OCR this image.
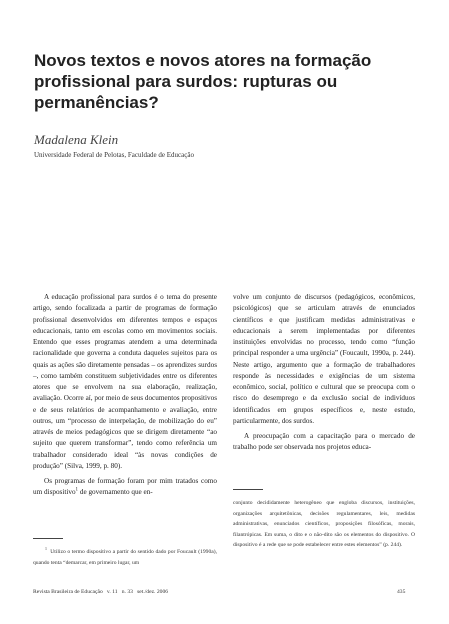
Novos textos e novos atores na formação profissional para surdos: rupturas ou permanências?
Madalena Klein
Universidade Federal de Pelotas, Faculdade de Educação

A educação profissional para surdos é o tema do presente artigo, sendo focalizada a partir de programas de formação profissional desenvolvidos em diferentes tempos e espaços educacionais, tanto em escolas como em movimentos sociais. Entendo que esses programas atendem a uma determinada racionalidade que governa a conduta daqueles sujeitos para os quais as ações são diretamente pensadas – os aprendizes surdos –, como também constituem subjetividades entre os diferentes atores que se envolvem na sua elaboração, realização, avaliação. Ocorre aí, por meio de seus documentos propositivos e de seus relatórios de acompanhamento e avaliação, entre outros, um “processo de interpelação, de mobilização do eu” através de meios pedagógicos que se dirigem diretamente “ao sujeito que querem transformar”, tendo como referência um trabalhador considerado ideal “às novas condições de produção” (Silva, 1999, p. 80).

Os programas de formação foram por mim tratados como um dispositivo$^1$ de governamento que en-

volve um conjunto de discursos (pedagógicos, econômicos, psicológicos) que se articulam através de enunciados científicos e que justificam medidas administrativas e educacionais a serem implementadas por diferentes instituições envolvidas no processo, tendo como “função principal responder a uma urgência” (Foucault, 1990a, p. 244). Neste artigo, argumento que a formação de trabalhadores responde às necessidades e exigências de um sistema econômico, social, político e cultural que se preocupa com o risco do desemprego e da exclusão social de indivíduos identificados em grupos específicos e, neste estudo, particularmente, dos surdos.

A preocupação com a capacitação para o mercado de trabalho pode ser observada nos projetos educa-

conjunto decididamente heterogêneo que engloba discursos, instituições, organizações arquitetônicas, decisões regulamentares, leis, medidas administrativas, enunciados científicos, proposições filosóficas, morais, filantrópicas. Em suma, o dito e o não-dito são os elementos do dispositivo. O dispositivo é a rede que se pode estabelecer entre estes elementos” (p. 244).

$^1$ Utilizo o termo dispositivo a partir do sentido dado por Foucault (1990a), quando tenta “demarcar, em primeiro lugar, um

Revista Brasileira de Educação   v. 11   n. 33   set./dez. 2006	435
